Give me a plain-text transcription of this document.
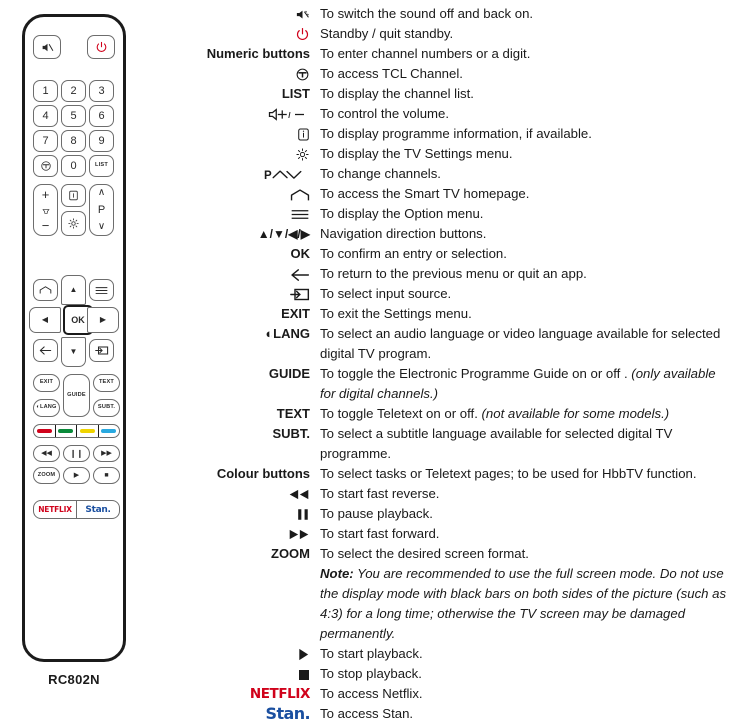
1	2	3
4	5	6
7	8	9
0	LIST
+
−
∧
P
∨
▲
◀	OK	▶
▼
EXIT
GUIDE
TEXT
◐LANG	SUBT.
◀◀	❙❙	▶▶
ZOOM	▶	■
NETFLIX Stan.
RC802N
To switch the sound off and back on.
Standby / quit standby.
Numeric buttons To enter channel numbers or a digit.
To access TCL Channel.
LIST To display the channel list.
/ To control the volume.
To display programme information, if available.
To display the TV Settings menu.
P	To change channels.
To access the Smart TV homepage.
To display the Option menu.
▲/▼/◀/▶ Navigation direction buttons.
OK To confirm an entry or selection.
To return to the previous menu or quit an app.
To select input source.
EXIT To exit the Settings menu.
◐LANG To select an audio language or video language available for selected digital TV program.
GUIDE To toggle the Electronic Programme Guide on or off . (only available for digital channels.)
TEXT To toggle Teletext on or off. (not available for some models.)
SUBT. To select a subtitle language available for selected digital TV programme.
Colour buttons To select tasks or Teletext pages; to be used for HbbTV function.
To start fast reverse.
To pause playback.
To start fast forward.
ZOOM To select the desired screen format.
Note: You are recommended to use the full screen mode. Do not use the display mode with black bars on both sides of the picture (such as 4:3) for a long time; otherwise the TV screen may be damaged permanently.
To start playback.
To stop playback.
NETFLIX To access Netflix.
Stan. To access Stan.
